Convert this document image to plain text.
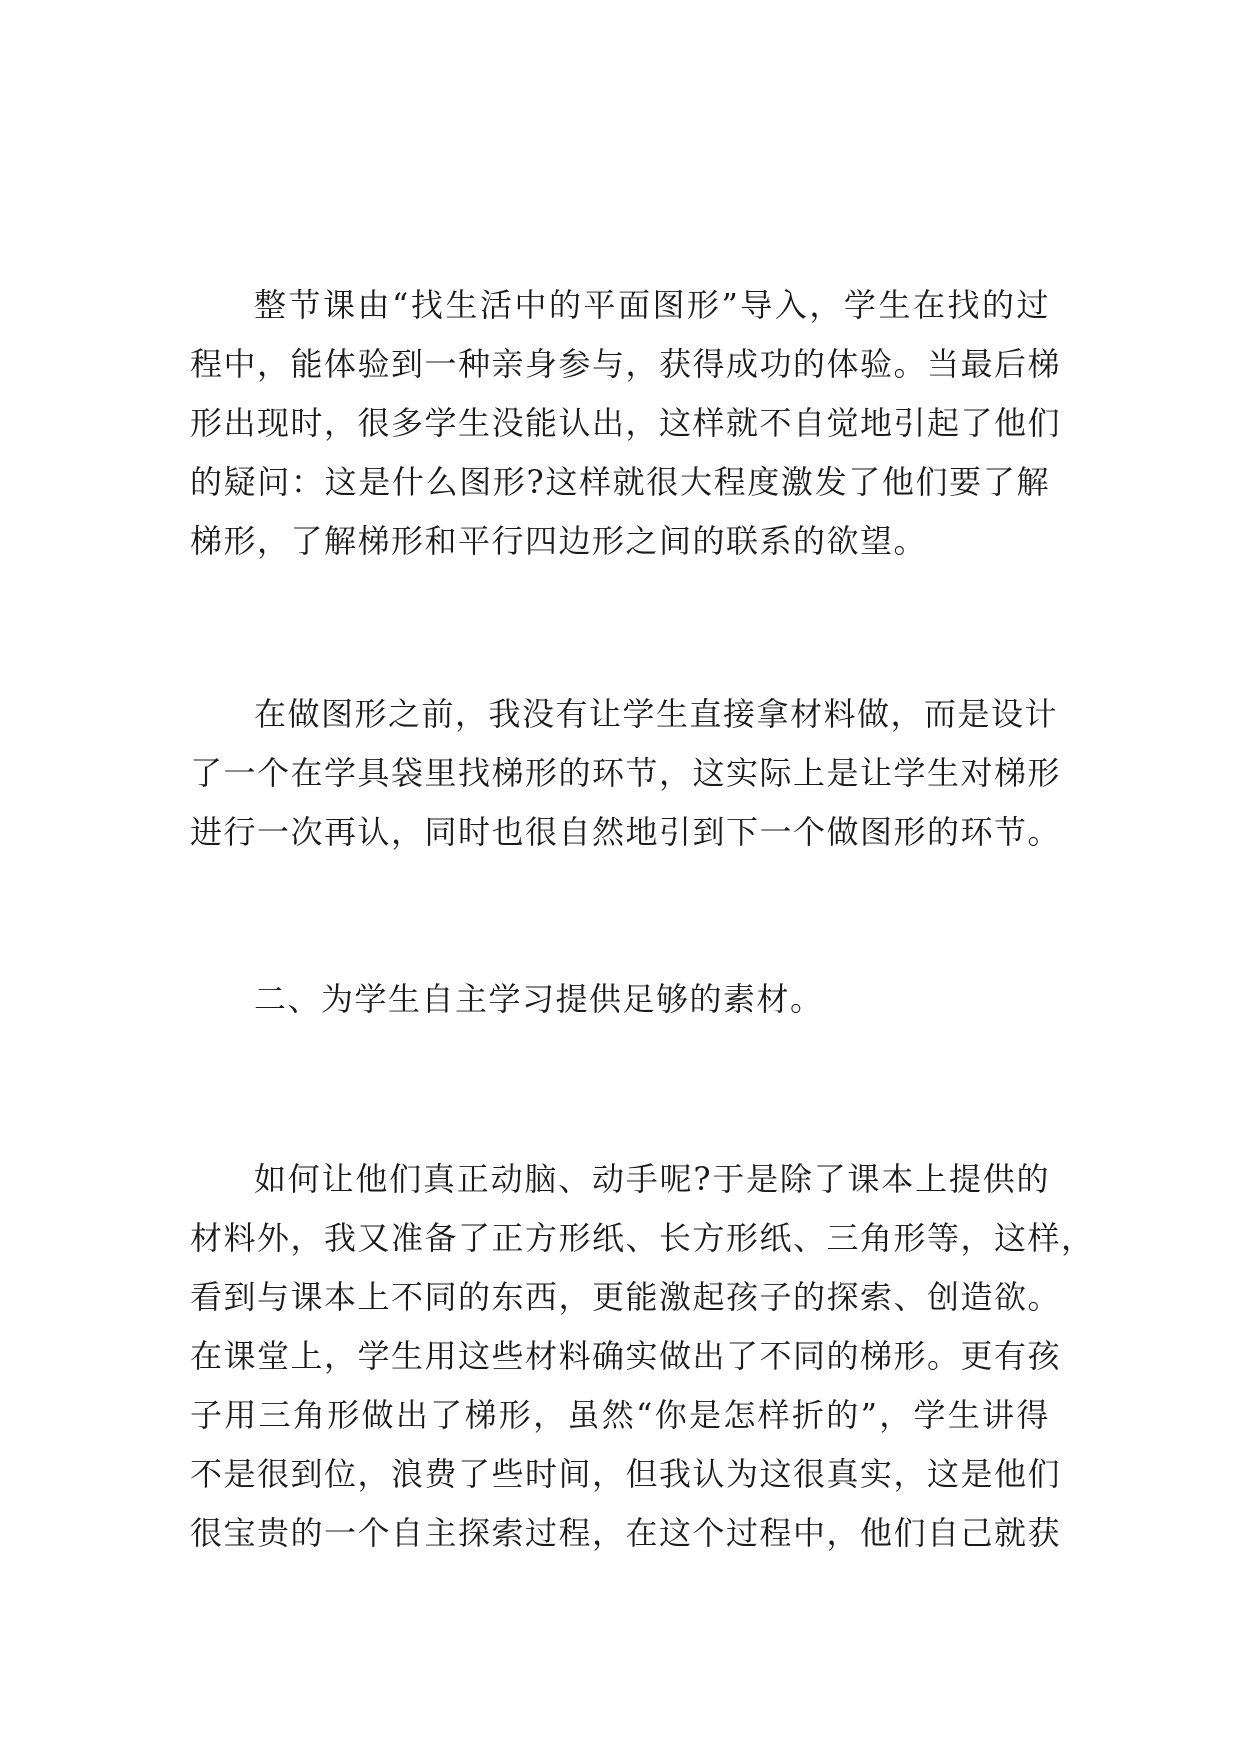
整节课由“找生活中的平面图形”导入，学生在找的过
程中，能体验到一种亲身参与，获得成功的体验。当最后梯
形出现时，很多学生没能认出，这样就不自觉地引起了他们
的疑问：这是什么图形?这样就很大程度激发了他们要了解
梯形，了解梯形和平行四边形之间的联系的欲望。
在做图形之前，我没有让学生直接拿材料做，而是设计
了一个在学具袋里找梯形的环节，这实际上是让学生对梯形
进行一次再认，同时也很自然地引到下一个做图形的环节。
二、为学生自主学习提供足够的素材。
如何让他们真正动脑、动手呢?于是除了课本上提供的
材料外，我又准备了正方形纸、长方形纸、三角形等，这样，
看到与课本上不同的东西，更能激起孩子的探索、创造欲。
在课堂上，学生用这些材料确实做出了不同的梯形。更有孩
子用三角形做出了梯形，虽然“你是怎样折的”，学生讲得
不是很到位，浪费了些时间，但我认为这很真实，这是他们
很宝贵的一个自主探索过程，在这个过程中，他们自己就获
